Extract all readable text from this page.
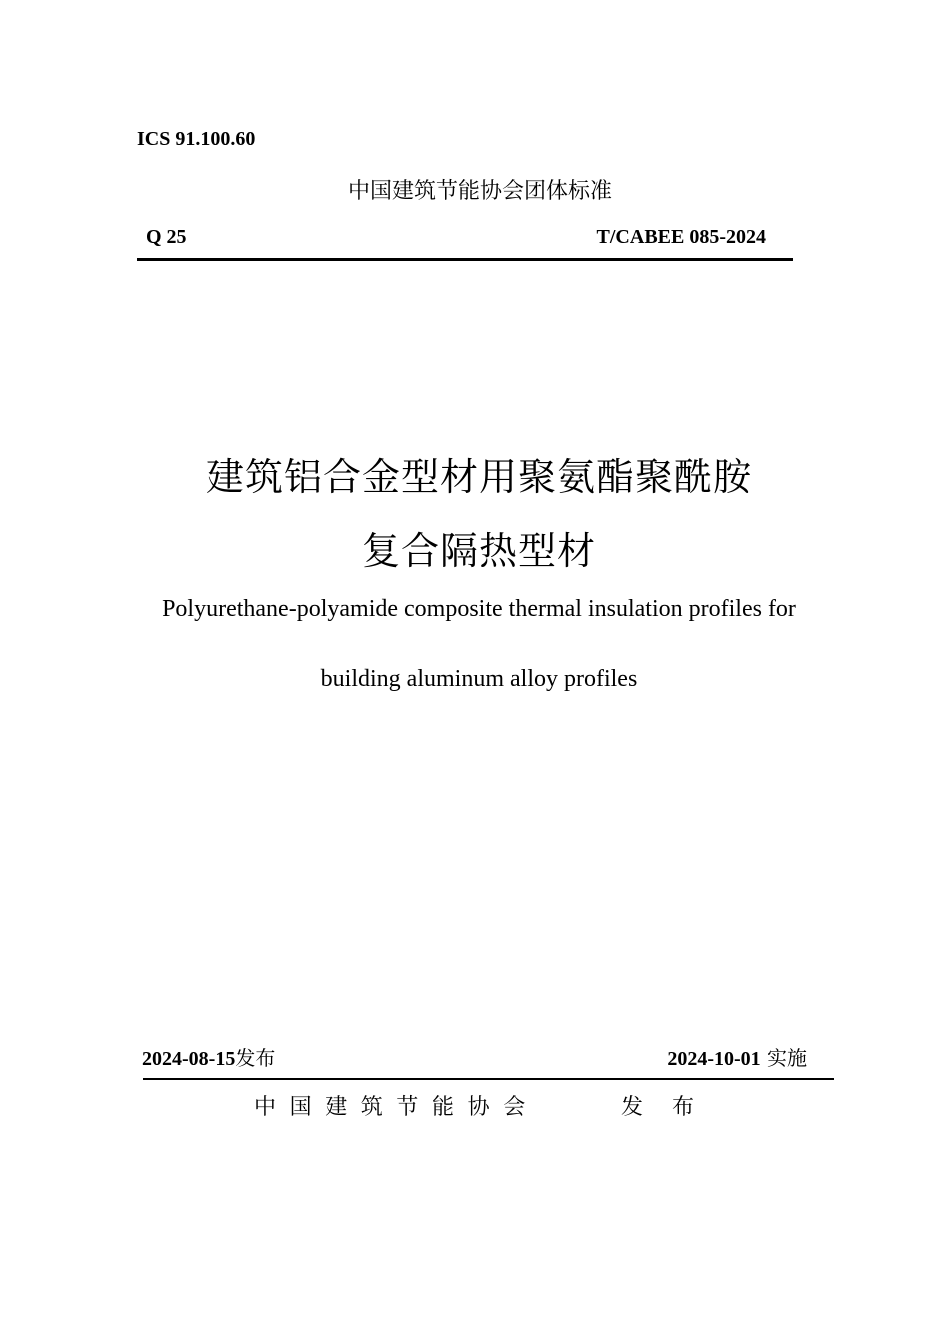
ICS 91.100.60
中国建筑节能协会团体标准
Q 25	T/CABEE 085-2024
建筑铝合金型材用聚氨酯聚酰胺
复合隔热型材
Polyurethane-polyamide composite thermal insulation profiles for
building aluminum alloy profiles
2024-08-15发布	2024-10-01 实施
中国建筑节能协会	发布
